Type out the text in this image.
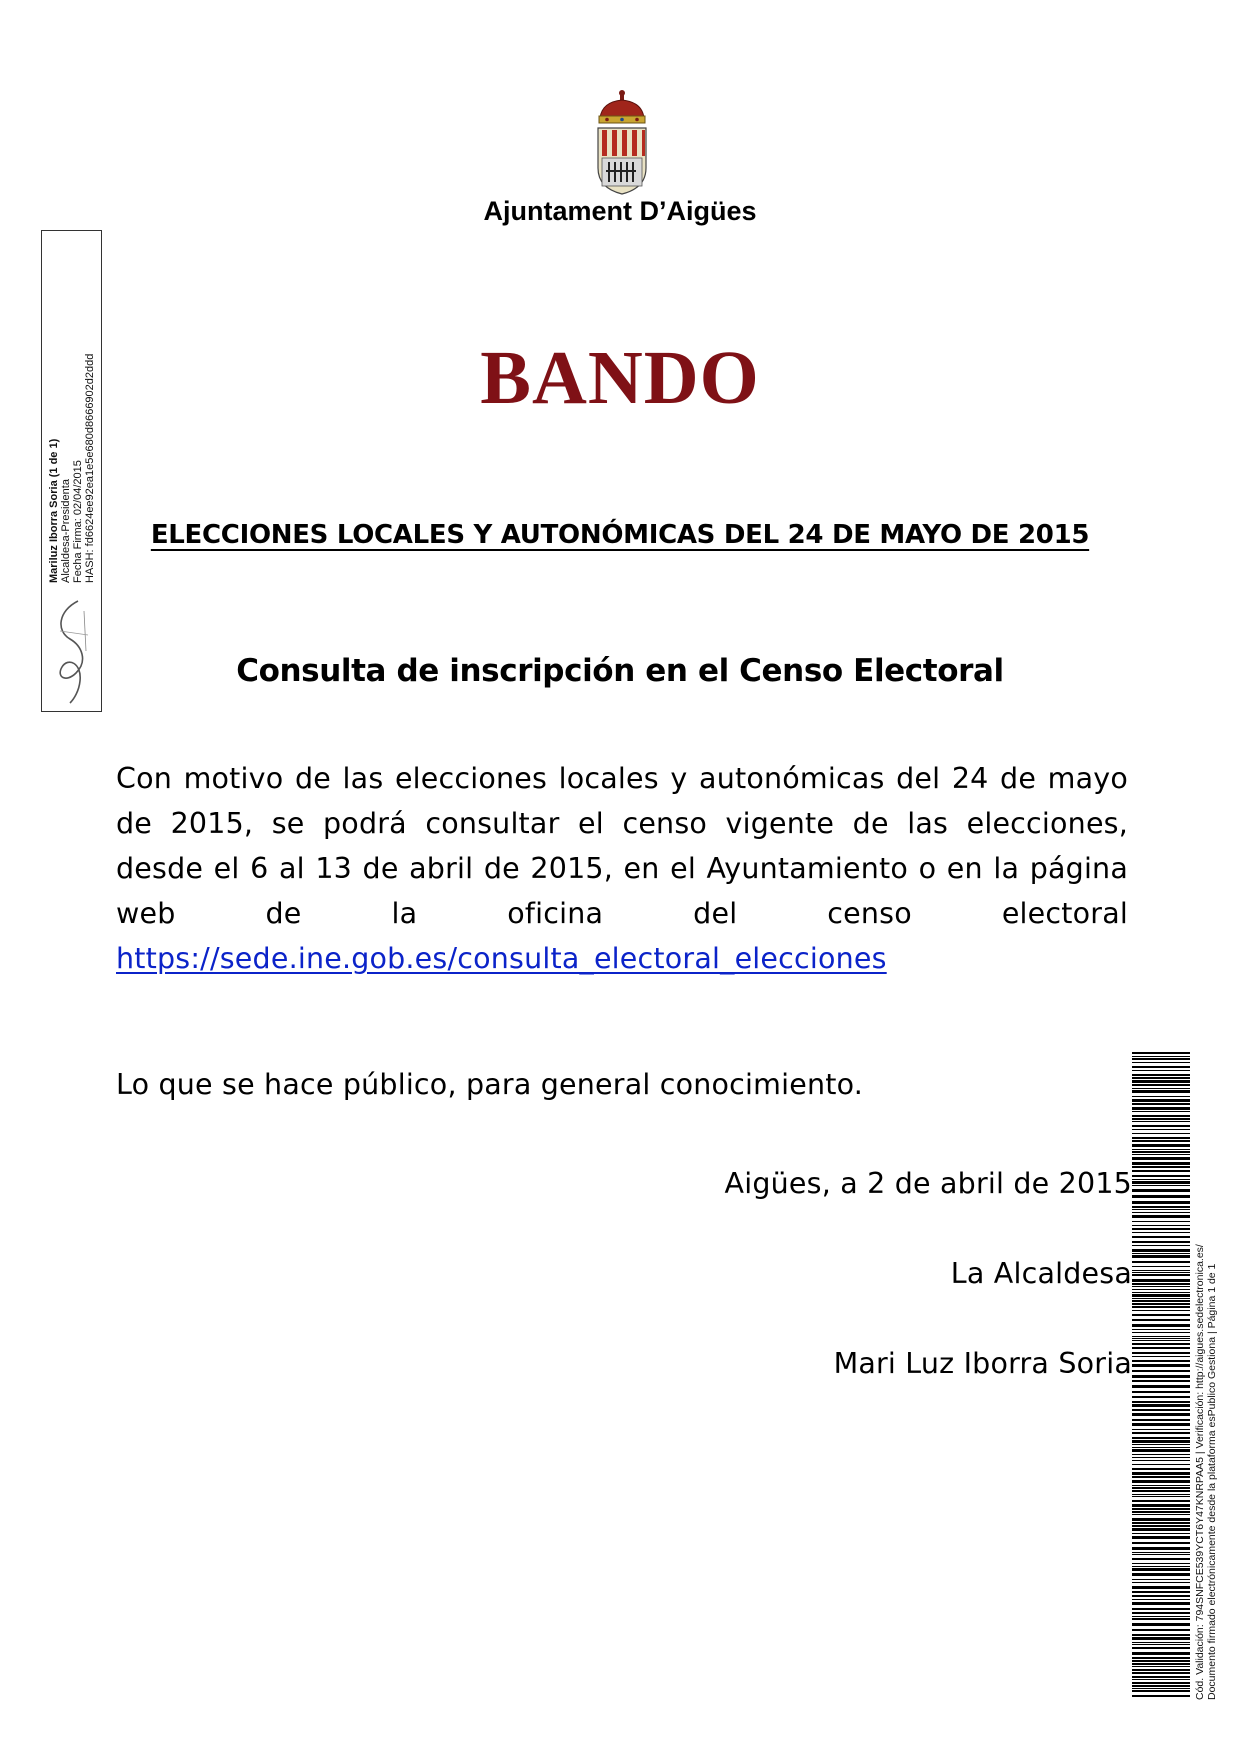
Ajuntament D’Aigües
BANDO
ELECCIONES LOCALES Y AUTONÓMICAS DEL 24 DE MAYO DE 2015
Consulta de inscripción en el Censo Electoral
Con motivo de las elecciones locales y autonómicas del 24 de mayo
de 2015, se podrá consultar el censo vigente de las elecciones,
desde el 6 al 13 de abril de 2015, en el Ayuntamiento o en la página
web de la oficina del censo electoral
https://sede.ine.gob.es/consulta_electoral_elecciones
Lo que se hace público, para general conocimiento.
Aigües, a 2 de abril de 2015
La Alcaldesa
Mari Luz Iborra Soria
Mariluz Iborra Soria (1 de 1) Alcaldesa-Presidenta Fecha Firma: 02/04/2015 HASH: fd6624ee92ea1e5e680d8666902d2ddd
Cód. Validación: 794SNFCE539YCT6Y47KNRPAA5 | Verificación: http://aigues.sedelectronica.es/ Documento firmado electrónicamente desde la plataforma esPublico Gestiona | Página 1 de 1
